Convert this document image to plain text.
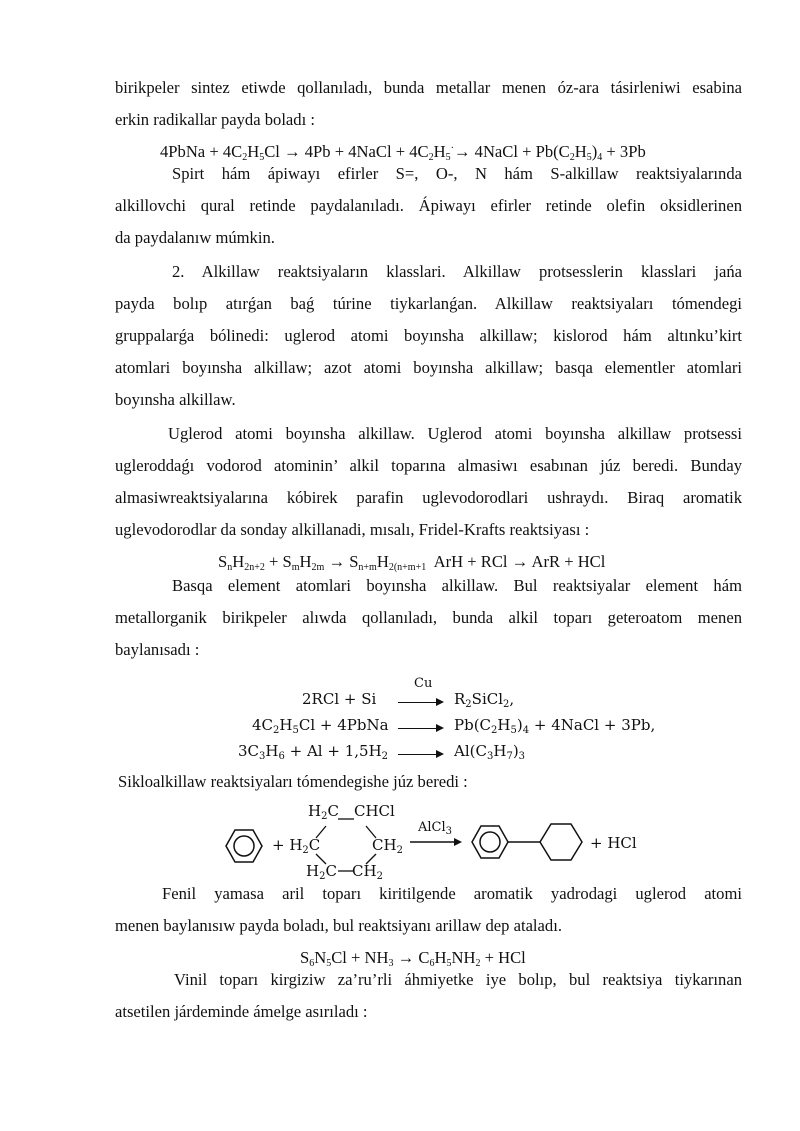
birikpeler sintez etiwde qollanıladı, bunda metallar menen óz-ara tásirleniwi esabina
erkin radikallar payda boladı :
4PbNa + $4C_2H_5Cl \to 4Pb$ + 4NaCl + $4C_2H_5^\cdot\to$ 4NaCl + $Pb(C_2H_5)_4 + 3Pb$
Spirt hám ápiwayı efirler S=, O-, N hám S-alkillaw reaktsiyalarında
alkillovchi qural retinde paydalanıladı. Ápiwayı efirler retinde olefin oksidlerinen
da paydalanıw múmkin.
2. Alkillaw reaktsiyaların klasslari. Alkillaw protsesslerin klasslari jańa
payda bolıp atırǵan baǵ túrine tiykarlanǵan. Alkillaw reaktsiyaları tómendegi
gruppalarǵa bólinedi: uglerod atomi boyınsha alkillaw; kislorod hám altınku’kirt
atomlari boyınsha alkillaw; azot atomi boyınsha alkillaw; basqa elementler atomlari
boyınsha alkillaw.
Uglerod atomi boyınsha alkillaw. Uglerod atomi boyınsha alkillaw protsessi
ugleroddaǵı vodorod atominin’ alkil toparına almasiwı esabınan júz beredi. Bunday
almasiwreaktsiyalarına kóbirek parafin uglevodorodlari ushraydı. Biraq aromatik
uglevodorodlar da sonday alkillanadi, mısalı, Fridel-Krafts reaktsiyası :
$S_nH_{2n+2} + S_mH_{2m} \to S_{n+m}H_{2(n+m+1}$  ArH + RCl → ArR + HCl
Basqa element atomlari boyınsha alkillaw. Bul reaktsiyalar element hám
metallorganik birikpeler alıwda qollanıladı, bunda alkil toparı geteroatom menen
baylanısadı :
Cu
$2RCl + Si \to R_2SiCl_2$,
$4C_2H_5Cl$ + 4PbNa → $Pb(C_2H_5)_4$ + 4NaCl + 3Pb,
$3C_3H_6 + Al + 1,5H_2 \to Al(C_3H_7)_3$
Sikloalkillaw reaktsiyaları tómendegishe júz beredi :
$H_2C$ CHCl
+ $H_2C$	$CH_2$
$H_2C$ $CH_2$
AlCl$_3$
+ HCl
Fenil yamasa aril toparı kiritilgende aromatik yadrodagi uglerod atomi
menen baylanısıw payda boladı, bul reaktsiyanı arillaw dep ataladı.
$S_6N_5Cl + NH_3 \to C_6H_5NH_2$ + HCl
Vinil toparı kirgiziw za’ru’rli áhmiyetke iye bolıp, bul reaktsiya tiykarınan
atsetilen járdeminde ámelge asırıladı :
